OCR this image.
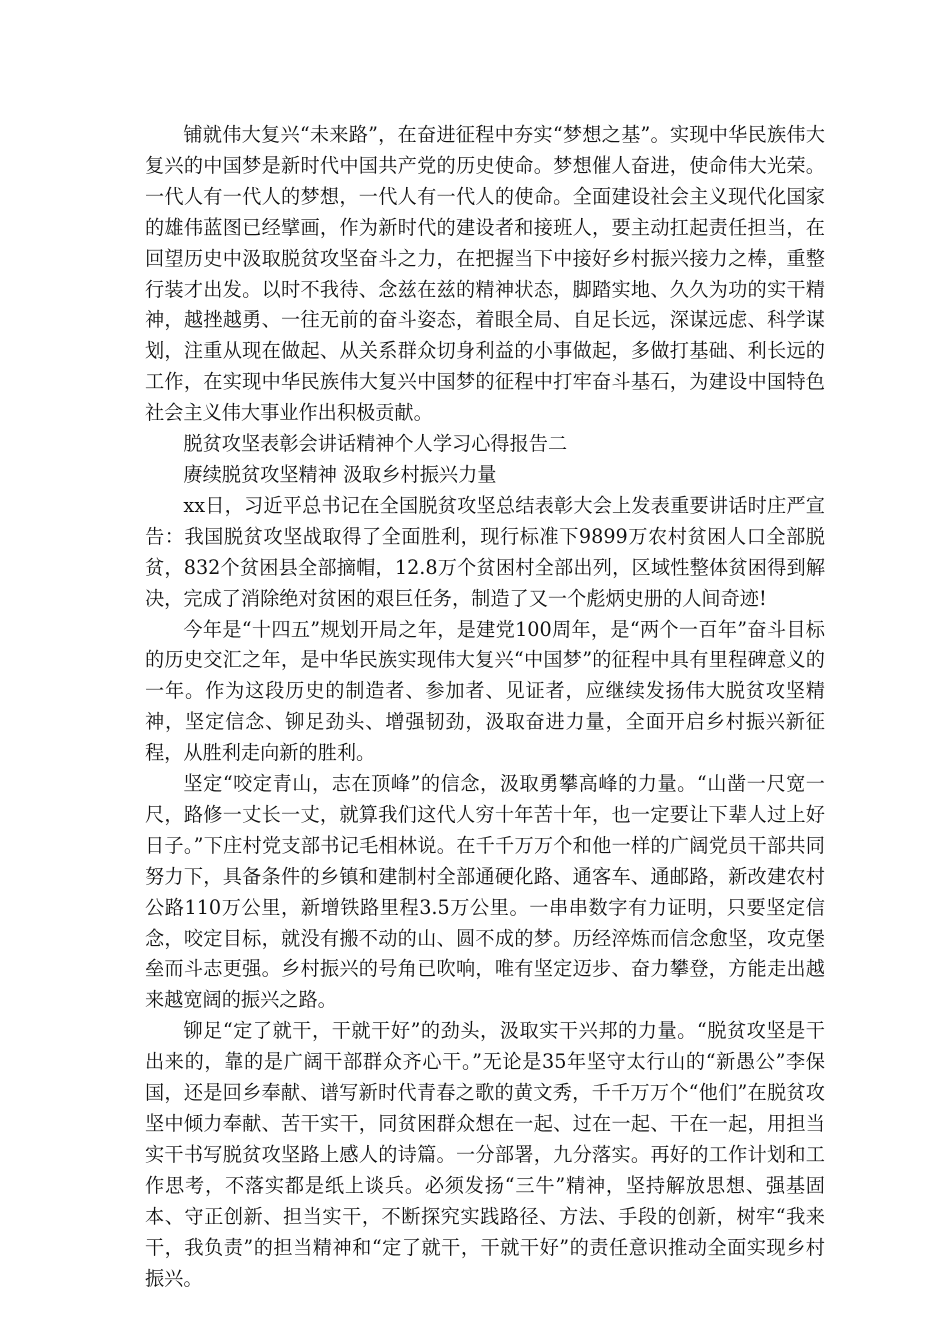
铺就伟大复兴“未来路”，在奋进征程中夯实“梦想之基”。实现中华民族伟大复兴的中国梦是新时代中国共产党的历史使命。梦想催人奋进，使命伟大光荣。一代人有一代人的梦想，一代人有一代人的使命。全面建设社会主义现代化国家的雄伟蓝图已经擘画，作为新时代的建设者和接班人，要主动扛起责任担当，在回望历史中汲取脱贫攻坚奋斗之力，在把握当下中接好乡村振兴接力之棒，重整行装才出发。以时不我待、念兹在兹的精神状态，脚踏实地、久久为功的实干精神，越挫越勇、一往无前的奋斗姿态，着眼全局、自足长远，深谋远虑、科学谋划，注重从现在做起、从关系群众切身利益的小事做起，多做打基础、利长远的工作，在实现中华民族伟大复兴中国梦的征程中打牢奋斗基石，为建设中国特色社会主义伟大事业作出积极贡献。

脱贫攻坚表彰会讲话精神个人学习心得报告二

赓续脱贫攻坚精神 汲取乡村振兴力量

xx日，习近平总书记在全国脱贫攻坚总结表彰大会上发表重要讲话时庄严宣告：我国脱贫攻坚战取得了全面胜利，现行标准下9899万农村贫困人口全部脱贫，832个贫困县全部摘帽，12.8万个贫困村全部出列，区域性整体贫困得到解决，完成了消除绝对贫困的艰巨任务，制造了又一个彪炳史册的人间奇迹!

今年是“十四五”规划开局之年，是建党100周年，是“两个一百年”奋斗目标的历史交汇之年，是中华民族实现伟大复兴“中国梦”的征程中具有里程碑意义的一年。作为这段历史的制造者、参加者、见证者，应继续发扬伟大脱贫攻坚精神，坚定信念、铆足劲头、增强韧劲，汲取奋进力量，全面开启乡村振兴新征程，从胜利走向新的胜利。

坚定“咬定青山，志在顶峰”的信念，汲取勇攀高峰的力量。“山凿一尺宽一尺，路修一丈长一丈，就算我们这代人穷十年苦十年，也一定要让下辈人过上好日子。”下庄村党支部书记毛相林说。在千千万万个和他一样的广阔党员干部共同努力下，具备条件的乡镇和建制村全部通硬化路、通客车、通邮路，新改建农村公路110万公里，新增铁路里程3.5万公里。一串串数字有力证明，只要坚定信念，咬定目标，就没有搬不动的山、圆不成的梦。历经淬炼而信念愈坚，攻克堡垒而斗志更强。乡村振兴的号角已吹响，唯有坚定迈步、奋力攀登，方能走出越来越宽阔的振兴之路。

铆足“定了就干，干就干好”的劲头，汲取实干兴邦的力量。“脱贫攻坚是干出来的，靠的是广阔干部群众齐心干。”无论是35年坚守太行山的“新愚公”李保国，还是回乡奉献、谱写新时代青春之歌的黄文秀，千千万万个“他们”在脱贫攻坚中倾力奉献、苦干实干，同贫困群众想在一起、过在一起、干在一起，用担当实干书写脱贫攻坚路上感人的诗篇。一分部署，九分落实。再好的工作计划和工作思考，不落实都是纸上谈兵。必须发扬“三牛”精神，坚持解放思想、强基固本、守正创新、担当实干，不断探究实践路径、方法、手段的创新，树牢“我来干，我负责”的担当精神和“定了就干，干就干好”的责任意识推动全面实现乡村振兴。
